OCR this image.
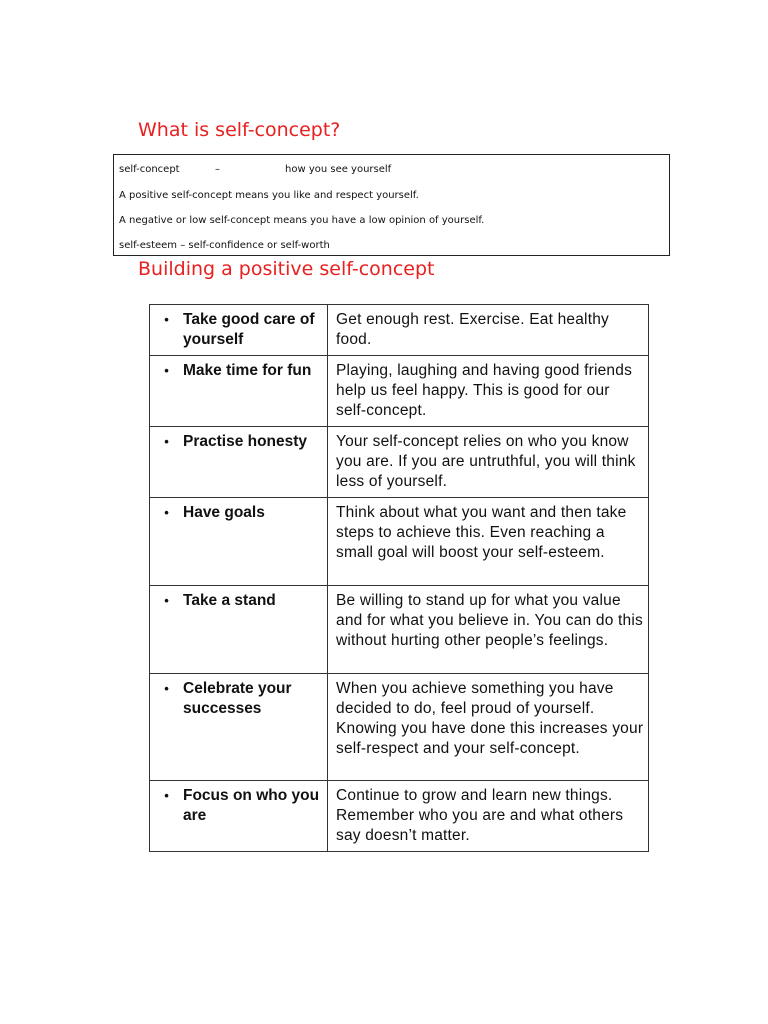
What is self-concept?
self-concept	–	how you see yourself
A positive self-concept means you like and respect yourself.
A negative or low self-concept means you have a low opinion of yourself.
self-esteem – self-confidence or self-worth
Building a positive self-concept
• Take good care of yourself	Get enough rest. Exercise. Eat healthy food.

• Make time for fun	Playing, laughing and having good friends help us feel happy. This is good for our self-concept.

• Practise honesty	Your self-concept relies on who you know you are. If you are untruthful, you will think less of yourself.

• Have goals	Think about what you want and then take steps to achieve this. Even reaching a small goal will boost your self-esteem.

• Take a stand	Be willing to stand up for what you value and for what you believe in. You can do this without hurting other people’s feelings.

• Celebrate your successes	When you achieve something you have decided to do, feel proud of yourself. Knowing you have done this increases your self-respect and your self-concept.

• Focus on who you are	Continue to grow and learn new things. Remember who you are and what others say doesn’t matter.
